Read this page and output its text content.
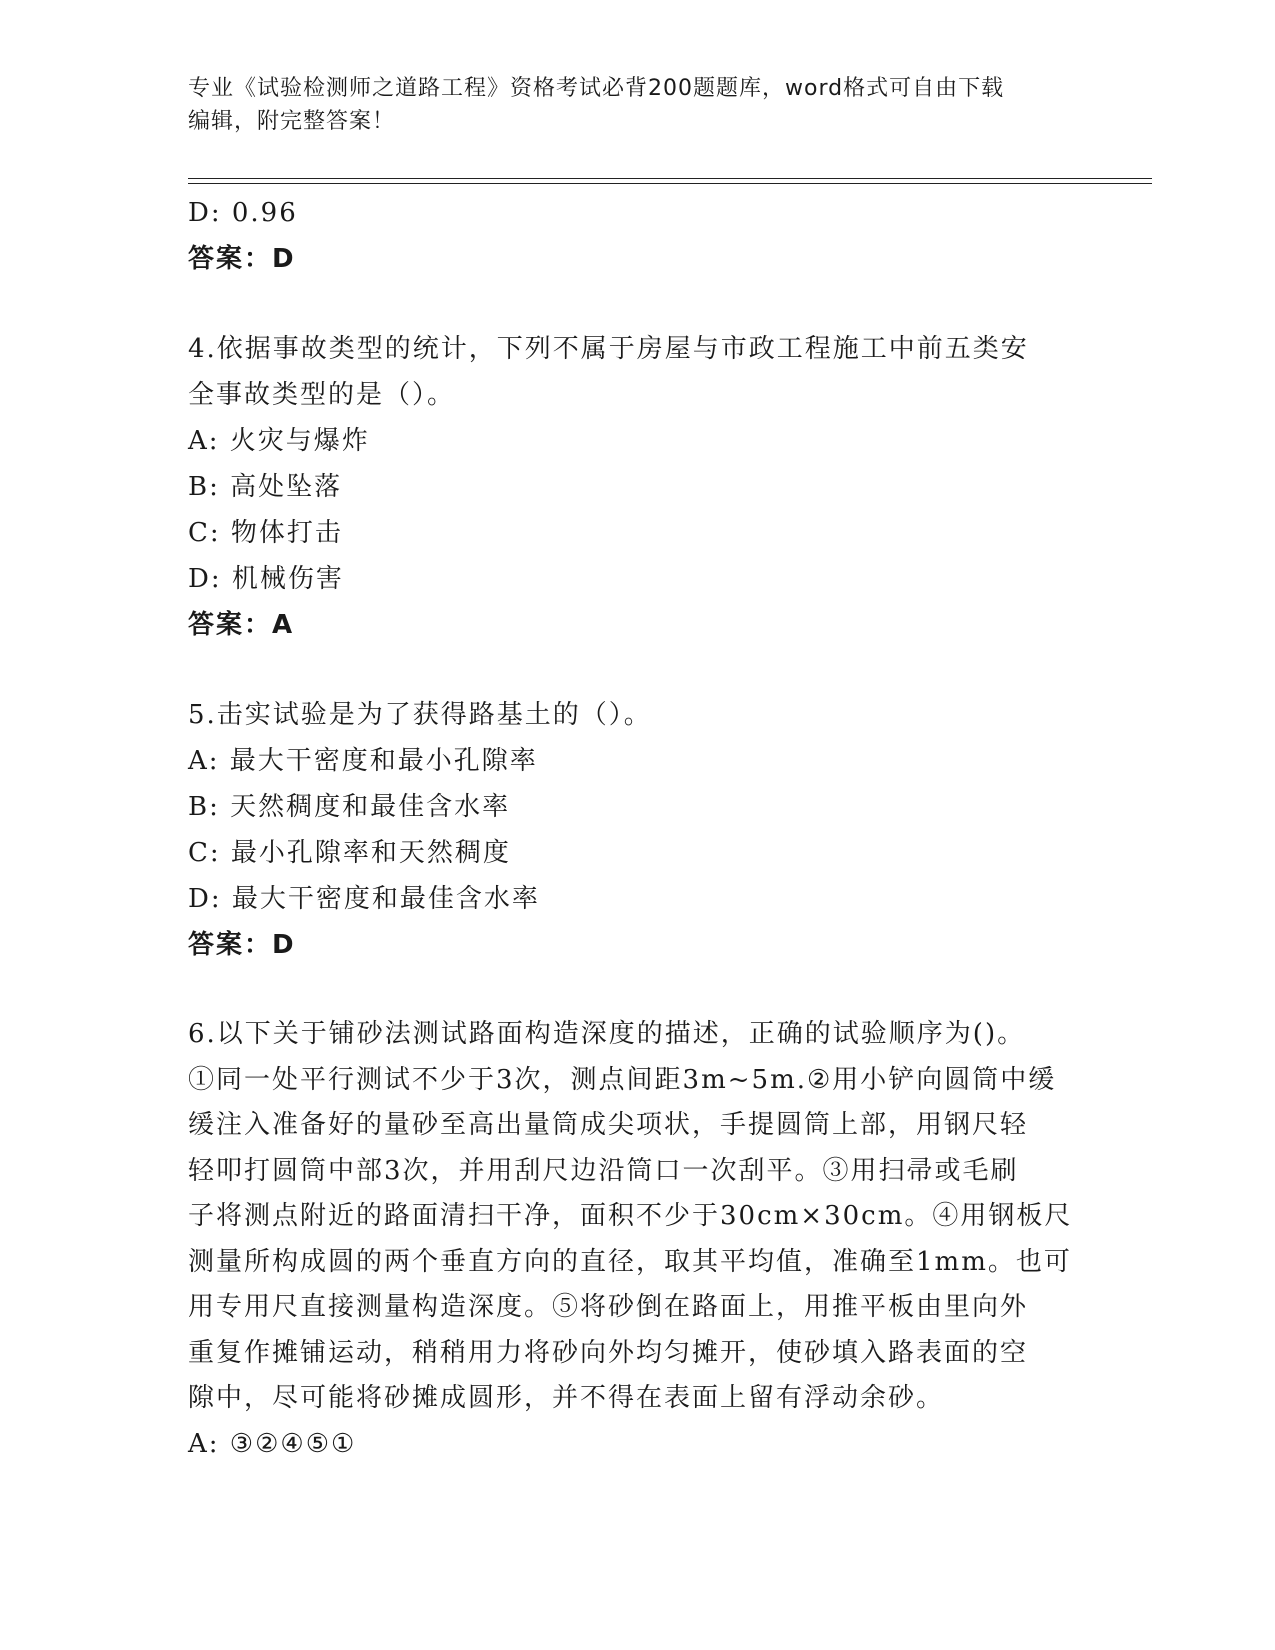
专业《试验检测师之道路工程》资格考试必背200题题库，word格式可自由下载
编辑，附完整答案！
D: 0.96
答案：D
4.依据事故类型的统计，下列不属于房屋与市政工程施工中前五类安
全事故类型的是（）。
A: 火灾与爆炸
B: 高处坠落
C: 物体打击
D: 机械伤害
答案：A
5.击实试验是为了获得路基土的（）。
A: 最大干密度和最小孔隙率
B: 天然稠度和最佳含水率
C: 最小孔隙率和天然稠度
D: 最大干密度和最佳含水率
答案：D
6.以下关于铺砂法测试路面构造深度的描述，正确的试验顺序为()。
①同一处平行测试不少于3次，测点间距3m~5m.②用小铲向圆筒中缓
缓注入准备好的量砂至高出量筒成尖项状，手提圆筒上部，用钢尺轻
轻叩打圆筒中部3次，并用刮尺边沿筒口一次刮平。③用扫帚或毛刷
子将测点附近的路面清扫干净，面积不少于30cm×30cm。④用钢板尺
测量所构成圆的两个垂直方向的直径，取其平均值，准确至1mm。也可
用专用尺直接测量构造深度。⑤将砂倒在路面上，用推平板由里向外
重复作摊铺运动，稍稍用力将砂向外均匀摊开，使砂填入路表面的空
隙中，尽可能将砂摊成圆形，并不得在表面上留有浮动余砂。
A: ③②④⑤①
